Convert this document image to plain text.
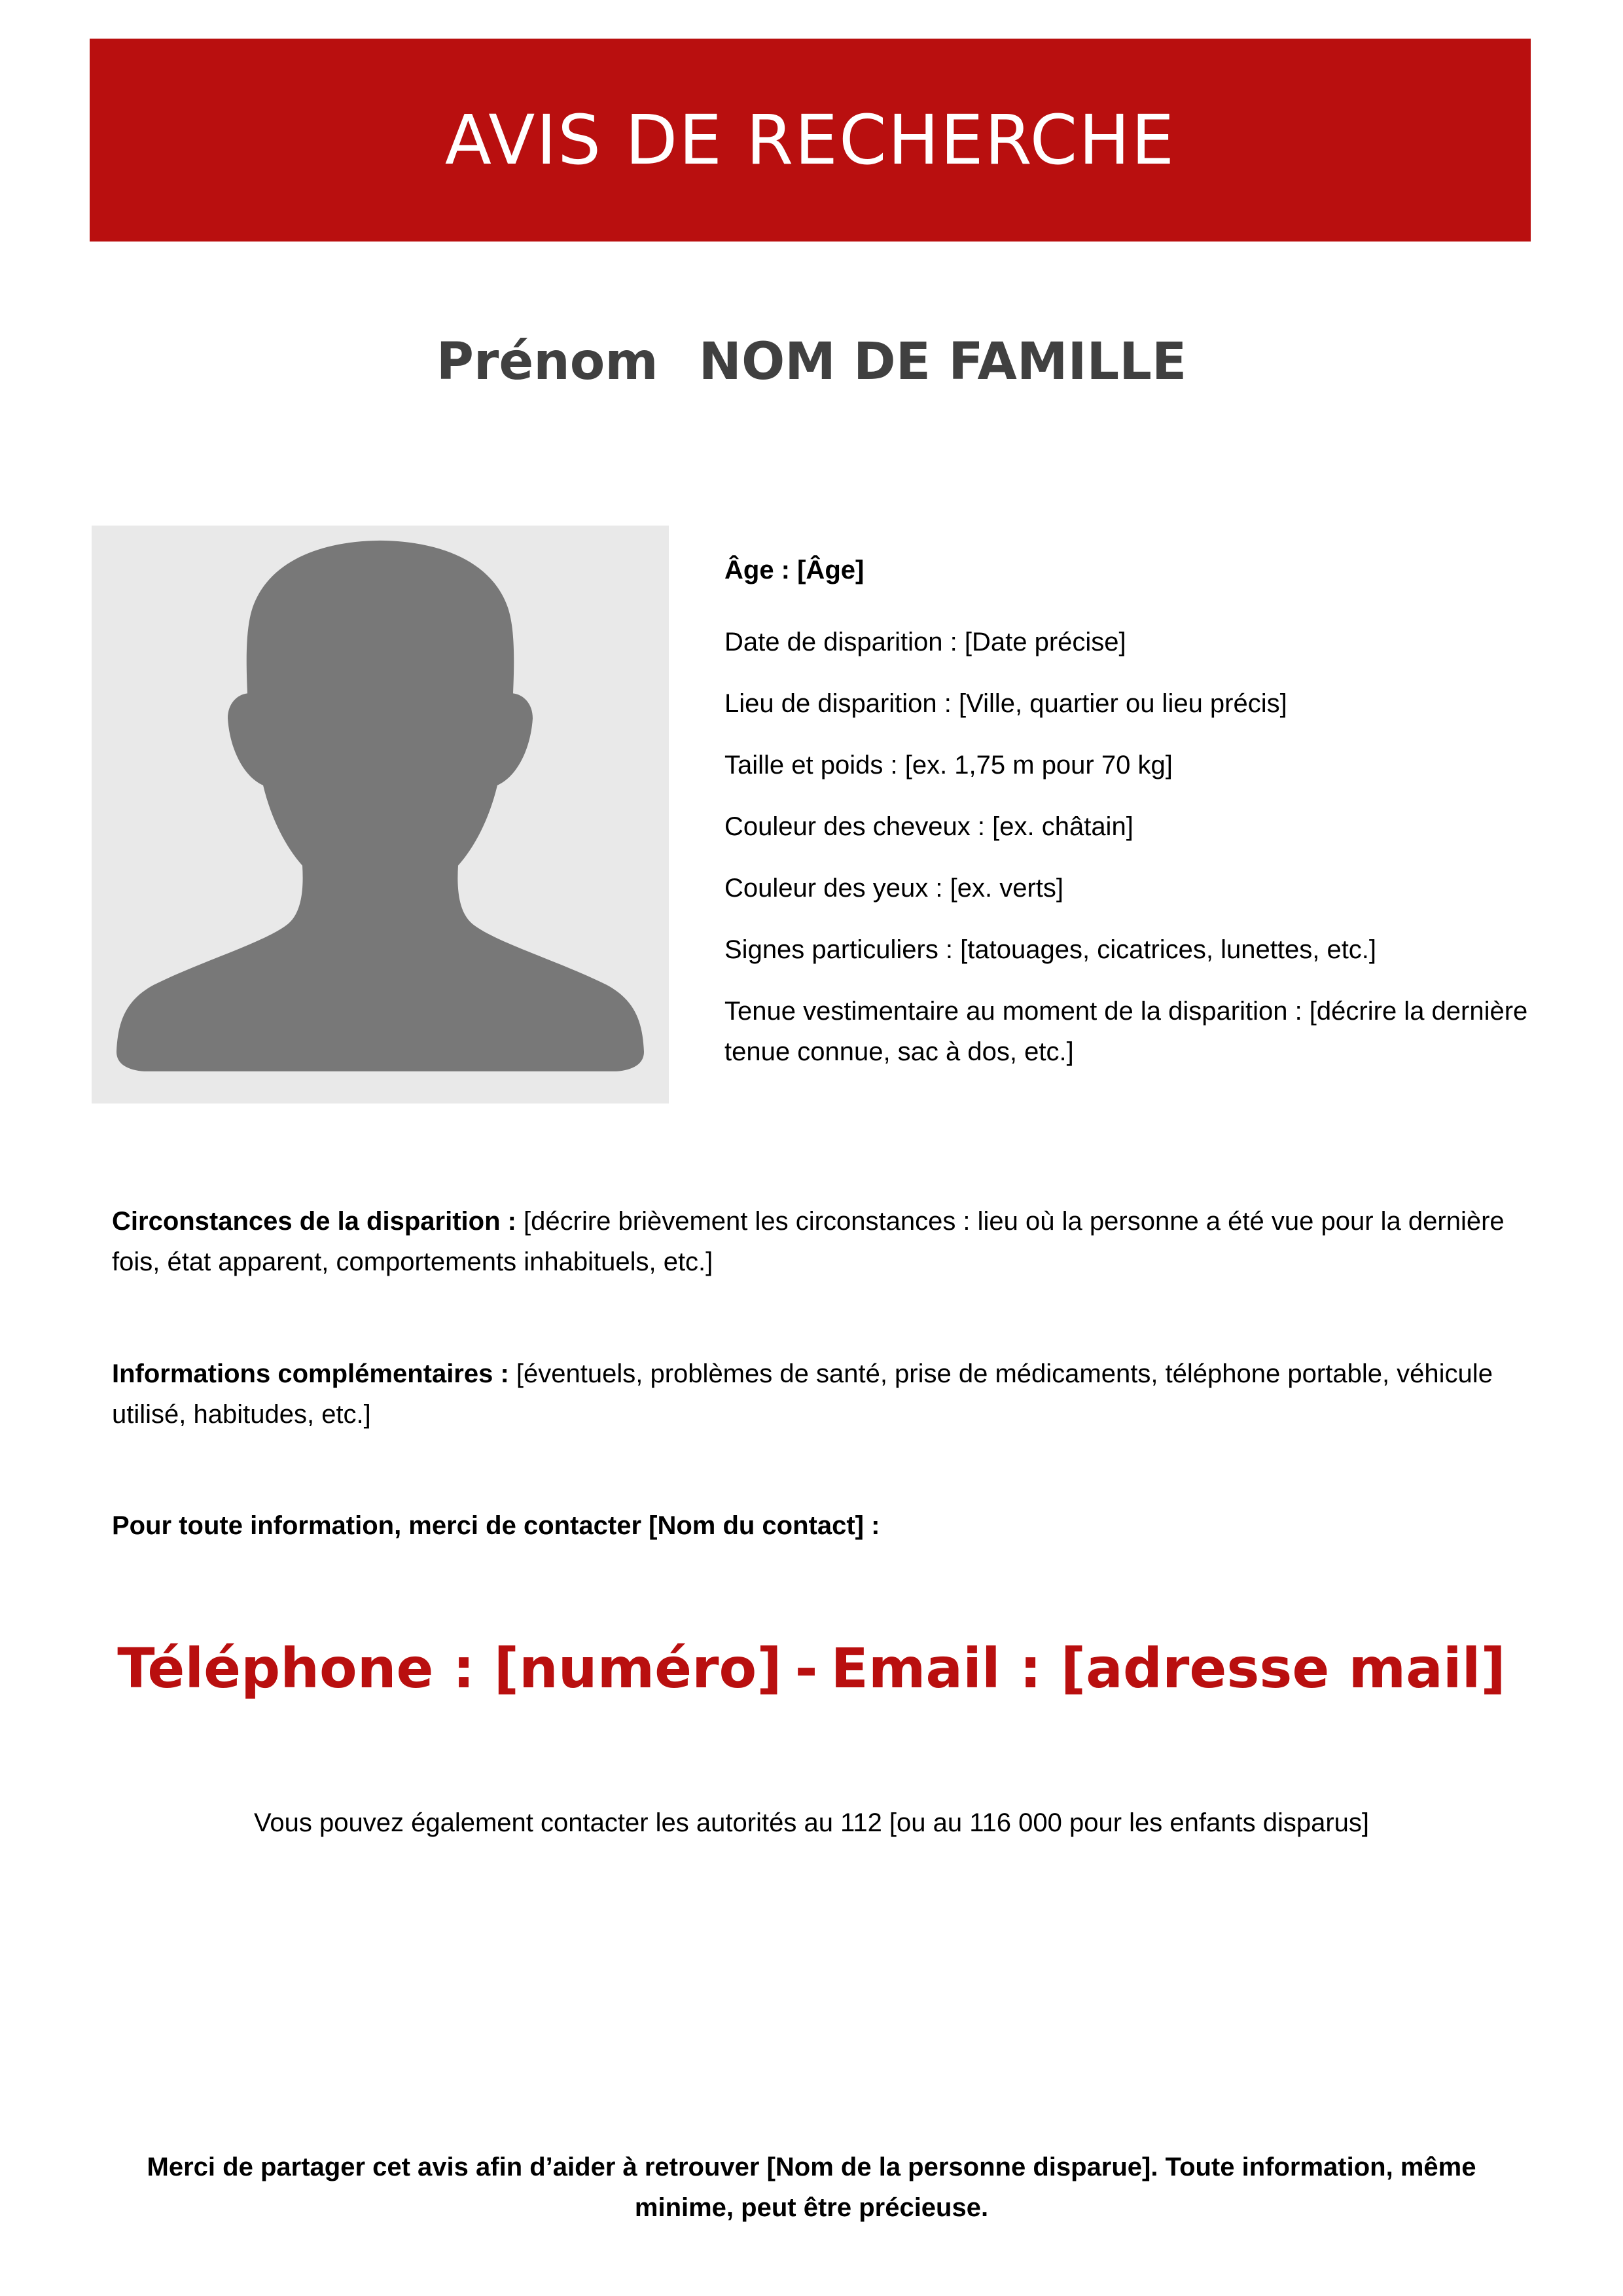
AVIS DE RECHERCHE
Prénom NOM DE FAMILLE
Âge : [Âge]
Date de disparition : [Date précise]
Lieu de disparition : [Ville, quartier ou lieu précis]
Taille et poids : [ex. 1,75 m pour 70 kg]
Couleur des cheveux : [ex. châtain]
Couleur des yeux : [ex. verts]
Signes particuliers : [tatouages, cicatrices, lunettes, etc.]
Tenue vestimentaire au moment de la disparition : [décrire la dernière tenue connue, sac à dos, etc.]
Circonstances de la disparition : [décrire brièvement les circonstances : lieu où la personne a été vue pour la dernière fois, état apparent, comportements inhabituels, etc.]
Informations complémentaires : [éventuels, problèmes de santé, prise de médicaments, téléphone portable, véhicule utilisé, habitudes, etc.]
Pour toute information, merci de contacter [Nom du contact] :
Téléphone : [numéro] - Email : [adresse mail]
Vous pouvez également contacter les autorités au 112 [ou au 116 000 pour les enfants disparus]
Merci de partager cet avis afin d’aider à retrouver [Nom de la personne disparue]. Toute information, même minime, peut être précieuse.
